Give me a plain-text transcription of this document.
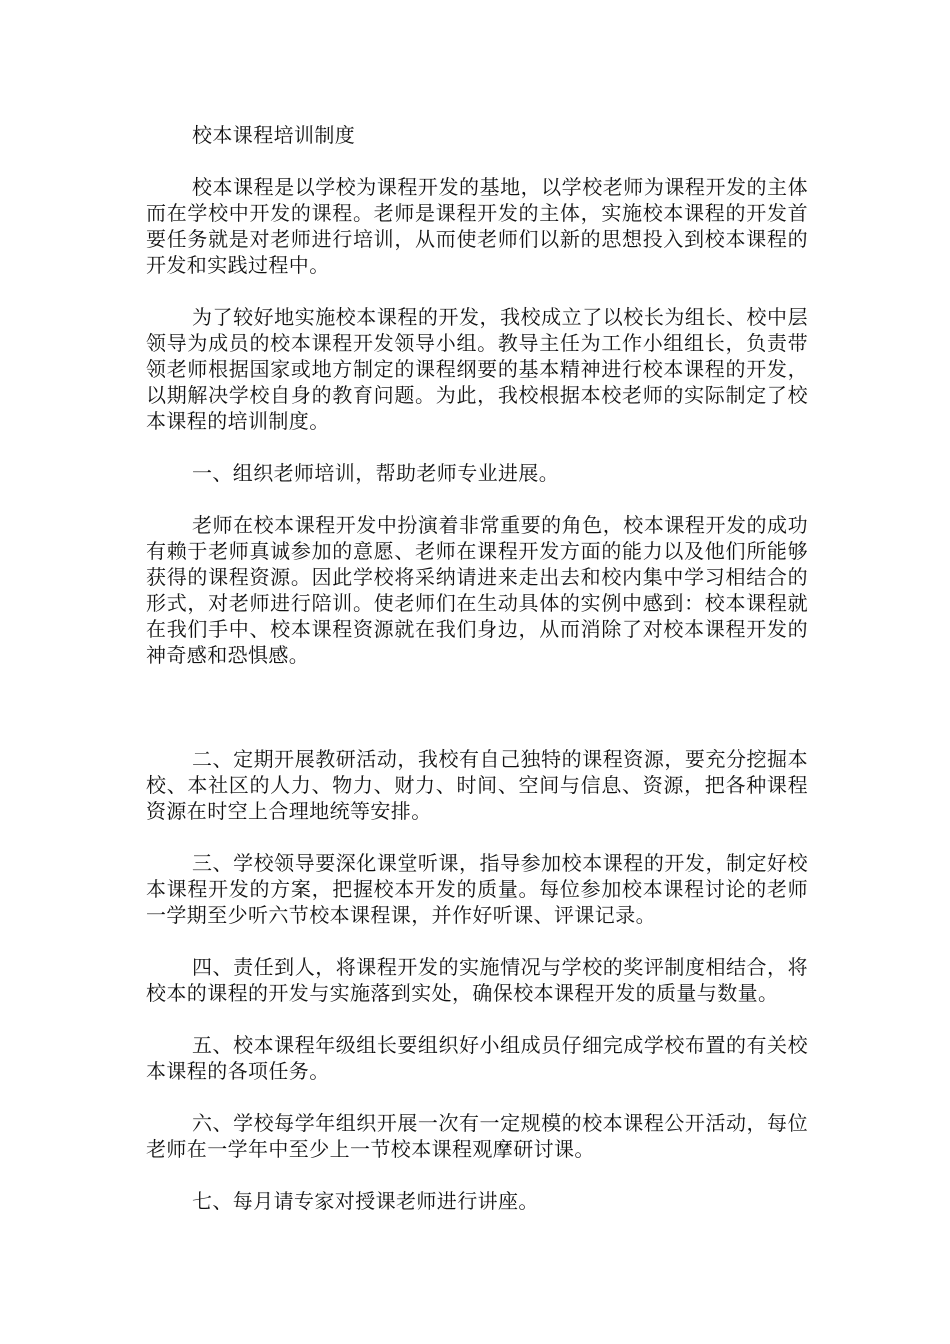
校本课程培训制度

校本课程是以学校为课程开发的基地，以学校老师为课程开发的主体而在学校中开发的课程。老师是课程开发的主体，实施校本课程的开发首要任务就是对老师进行培训，从而使老师们以新的思想投入到校本课程的开发和实践过程中。

为了较好地实施校本课程的开发，我校成立了以校长为组长、校中层领导为成员的校本课程开发领导小组。教导主任为工作小组组长，负责带领老师根据国家或地方制定的课程纲要的基本精神进行校本课程的开发，以期解决学校自身的教育问题。为此，我校根据本校老师的实际制定了校本课程的培训制度。

一、组织老师培训，帮助老师专业进展。

老师在校本课程开发中扮演着非常重要的角色，校本课程开发的成功有赖于老师真诚参加的意愿、老师在课程开发方面的能力以及他们所能够获得的课程资源。因此学校将采纳请进来走出去和校内集中学习相结合的形式，对老师进行陪训。使老师们在生动具体的实例中感到：校本课程就在我们手中、校本课程资源就在我们身边，从而消除了对校本课程开发的神奇感和恐惧感。

二、定期开展教研活动，我校有自己独特的课程资源，要充分挖掘本校、本社区的人力、物力、财力、时间、空间与信息、资源，把各种课程资源在时空上合理地统等安排。

三、学校领导要深化课堂听课，指导参加校本课程的开发，制定好校本课程开发的方案，把握校本开发的质量。每位参加校本课程讨论的老师一学期至少听六节校本课程课，并作好听课、评课记录。

四、责任到人，将课程开发的实施情况与学校的奖评制度相结合，将校本的课程的开发与实施落到实处，确保校本课程开发的质量与数量。

五、校本课程年级组长要组织好小组成员仔细完成学校布置的有关校本课程的各项任务。

六、学校每学年组织开展一次有一定规模的校本课程公开活动，每位老师在一学年中至少上一节校本课程观摩研讨课。

七、每月请专家对授课老师进行讲座。
